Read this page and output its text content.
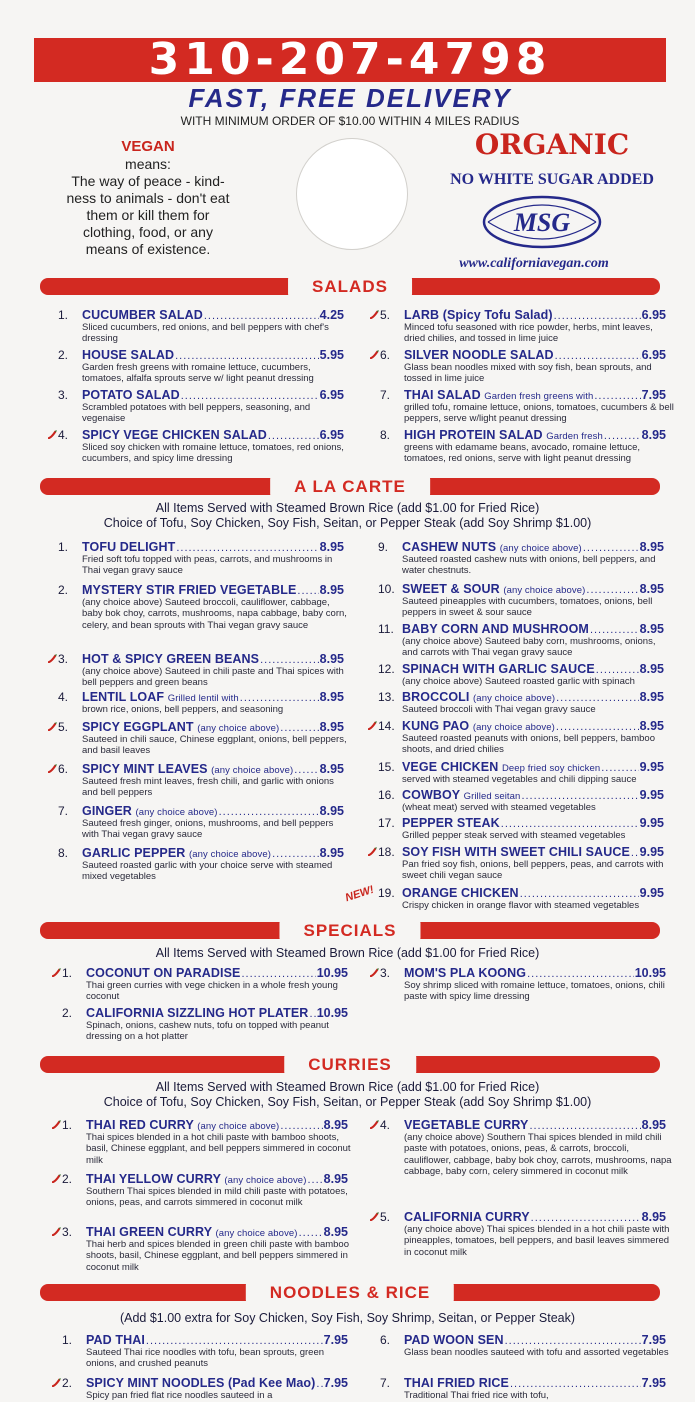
310-207-4798
FAST, FREE DELIVERY
WITH MINIMUM ORDER OF $10.00 WITHIN 4 MILES RADIUS
VEGAN
means:
The way of peace - kind-
ness to animals - don't eat
them or kill them for
clothing, food, or any
means of existence.
ORGANIC
NO WHITE SUGAR ADDED
MSG
www.californiavegan.com
SALADS
1.	CUCUMBER SALAD .....	4.25
Sliced cucumbers, red onions, and bell peppers with chef's dressing
2.	HOUSE SALAD .....	5.95
Garden fresh greens with romaine lettuce, cucumbers, tomatoes, alfalfa sprouts serve w/ light peanut dressing
3.	POTATO SALAD .....	6.95
Scrambled potatoes with bell peppers, seasoning, and vegenaise
4.	SPICY VEGE CHICKEN SALAD .....	6.95
Sliced soy chicken with romaine lettuce, tomatoes, red onions, cucumbers, and spicy lime dressing
5.	LARB (Spicy Tofu Salad) .....	6.95
Minced tofu seasoned with rice powder, herbs, mint leaves, dried chilies, and tossed in lime juice
6.	SILVER NOODLE SALAD .....	6.95
Glass bean noodles mixed with soy fish, bean sprouts, and tossed in lime juice
7.	THAI SALAD Garden fresh greens with .....	7.95
grilled tofu, romaine lettuce, onions, tomatoes, cucumbers & bell peppers, serve w/light peanut dressing
8.	HIGH PROTEIN SALAD Garden fresh .....	8.95
greens with edamame beans, avocado, romaine lettuce, tomatoes, red onions, serve with light peanut dressing
A LA CARTE
All Items Served with Steamed Brown Rice (add $1.00 for Fried Rice)
Choice of Tofu, Soy Chicken, Soy Fish, Seitan, or Pepper Steak (add Soy Shrimp $1.00)
1.	TOFU DELIGHT .....	8.95
Fried soft tofu topped with peas, carrots, and mushrooms in Thai vegan gravy sauce
2.	MYSTERY STIR FRIED VEGETABLE ..... 8.95
(any choice above) Sauteed broccoli, cauliflower, cabbage, baby bok choy, carrots, mushrooms, napa cabbage, baby corn, celery, and bean sprouts with Thai vegan gravy sauce
3.	HOT & SPICY GREEN BEANS .....	8.95
(any choice above) Sauteed in chili paste and Thai spices with bell peppers and green beans
4.	LENTIL LOAF Grilled lentil with .....	8.95
brown rice, onions, bell peppers, and seasoning
5.	SPICY EGGPLANT (any choice above) .....	8.95
Sauteed in chili sauce, Chinese eggplant, onions, bell peppers, and basil leaves
6.	SPICY MINT LEAVES (any choice above) ..... 8.95
Sauteed fresh mint leaves, fresh chili, and garlic with onions and bell peppers
7.	GINGER (any choice above) .....	8.95
Sauteed fresh ginger, onions, mushrooms, and bell peppers with Thai vegan gravy sauce
8.	GARLIC PEPPER (any choice above) .....	8.95
Sauteed roasted garlic with your choice serve with steamed mixed vegetables
9.	CASHEW NUTS (any choice above) .....	8.95
Sauteed roasted cashew nuts with onions, bell peppers, and water chestnuts.
10. SWEET & SOUR (any choice above) .....	8.95
Sauteed pineapples with cucumbers, tomatoes, onions, bell peppers in sweet & sour sauce
11. BABY CORN AND MUSHROOM .....	8.95
(any choice above) Sauteed baby corn, mushrooms, onions, and carrots with Thai vegan gravy sauce
12. SPINACH WITH GARLIC SAUCE .....	8.95
(any choice above) Sauteed roasted garlic with spinach
13. BROCCOLI (any choice above) .....	8.95
Sauteed broccoli with Thai vegan gravy sauce
14. KUNG PAO (any choice above) .....	8.95
Sauteed roasted peanuts with onions, bell peppers, bamboo shoots, and dried chilies
15. VEGE CHICKEN Deep fried soy chicken .....	9.95
served with steamed vegetables and chili dipping sauce
16. COWBOY Grilled seitan .....	9.95
(wheat meat) served with steamed vegetables
17. PEPPER STEAK .....	9.95
Grilled pepper steak served with steamed vegetables
18. SOY FISH WITH SWEET CHILI SAUCE ..... 9.95
Pan fried soy fish, onions, bell peppers, peas, and carrots with sweet chili vegan sauce
19. ORANGE CHICKEN .....	9.95
Crispy chicken in orange flavor with steamed vegetables
NEW!
SPECIALS
All Items Served with Steamed Brown Rice (add $1.00 for Fried Rice)
1.	COCONUT ON PARADISE .....	10.95
Thai green curries with vege chicken in a whole fresh young coconut
2.	CALIFORNIA SIZZLING HOT PLATER ..... 10.95
Spinach, onions, cashew nuts, tofu on topped with peanut dressing on a hot platter
3.	MOM'S PLA KOONG .....	10.95
Soy shrimp sliced with romaine lettuce, tomatoes, onions, chili paste with spicy lime dressing
CURRIES
All Items Served with Steamed Brown Rice (add $1.00 for Fried Rice)
Choice of Tofu, Soy Chicken, Soy Fish, Seitan, or Pepper Steak (add Soy Shrimp $1.00)
1.	THAI RED CURRY (any choice above) .....	8.95
Thai spices blended in a hot chili paste with bamboo shoots, basil, Chinese eggplant, and bell peppers simmered in coconut milk
2.	THAI YELLOW CURRY (any choice above) ..... 8.95
Southern Thai spices blended in mild chili paste with potatoes, onions, peas, and carrots simmered in coconut milk
3.	THAI GREEN CURRY (any choice above) ..... 8.95
Thai herb and spices blended in green chili paste with bamboo shoots, basil, Chinese eggplant, and bell peppers simmered in coconut milk
4.	VEGETABLE CURRY .....	8.95
(any choice above) Southern Thai spices blended in mild chili paste with potatoes, onions, peas, & carrots, broccoli, cauliflower, cabbage, baby bok choy, carrots, mushrooms, napa cabbage, baby corn, celery simmered in coconut milk
5.	CALIFORNIA CURRY .....	8.95
(any choice above) Thai spices blended in a hot chili paste with pineapples, tomatoes, bell peppers, and basil leaves simmered in coconut milk
NOODLES & RICE
(Add $1.00 extra for Soy Chicken, Soy Fish, Soy Shrimp, Seitan, or Pepper Steak)
1.	PAD THAI .....	7.95
Sauteed Thai rice noodles with tofu, bean sprouts, green onions, and crushed peanuts
2.	SPICY MINT NOODLES (Pad Kee Mao) ..... 7.95
Spicy pan fried flat rice noodles sauteed in a
6.	PAD WOON SEN .....	7.95
Glass bean noodles sauteed with tofu and assorted vegetables
7.	THAI FRIED RICE .....	7.95
Traditional Thai fried rice with tofu,
